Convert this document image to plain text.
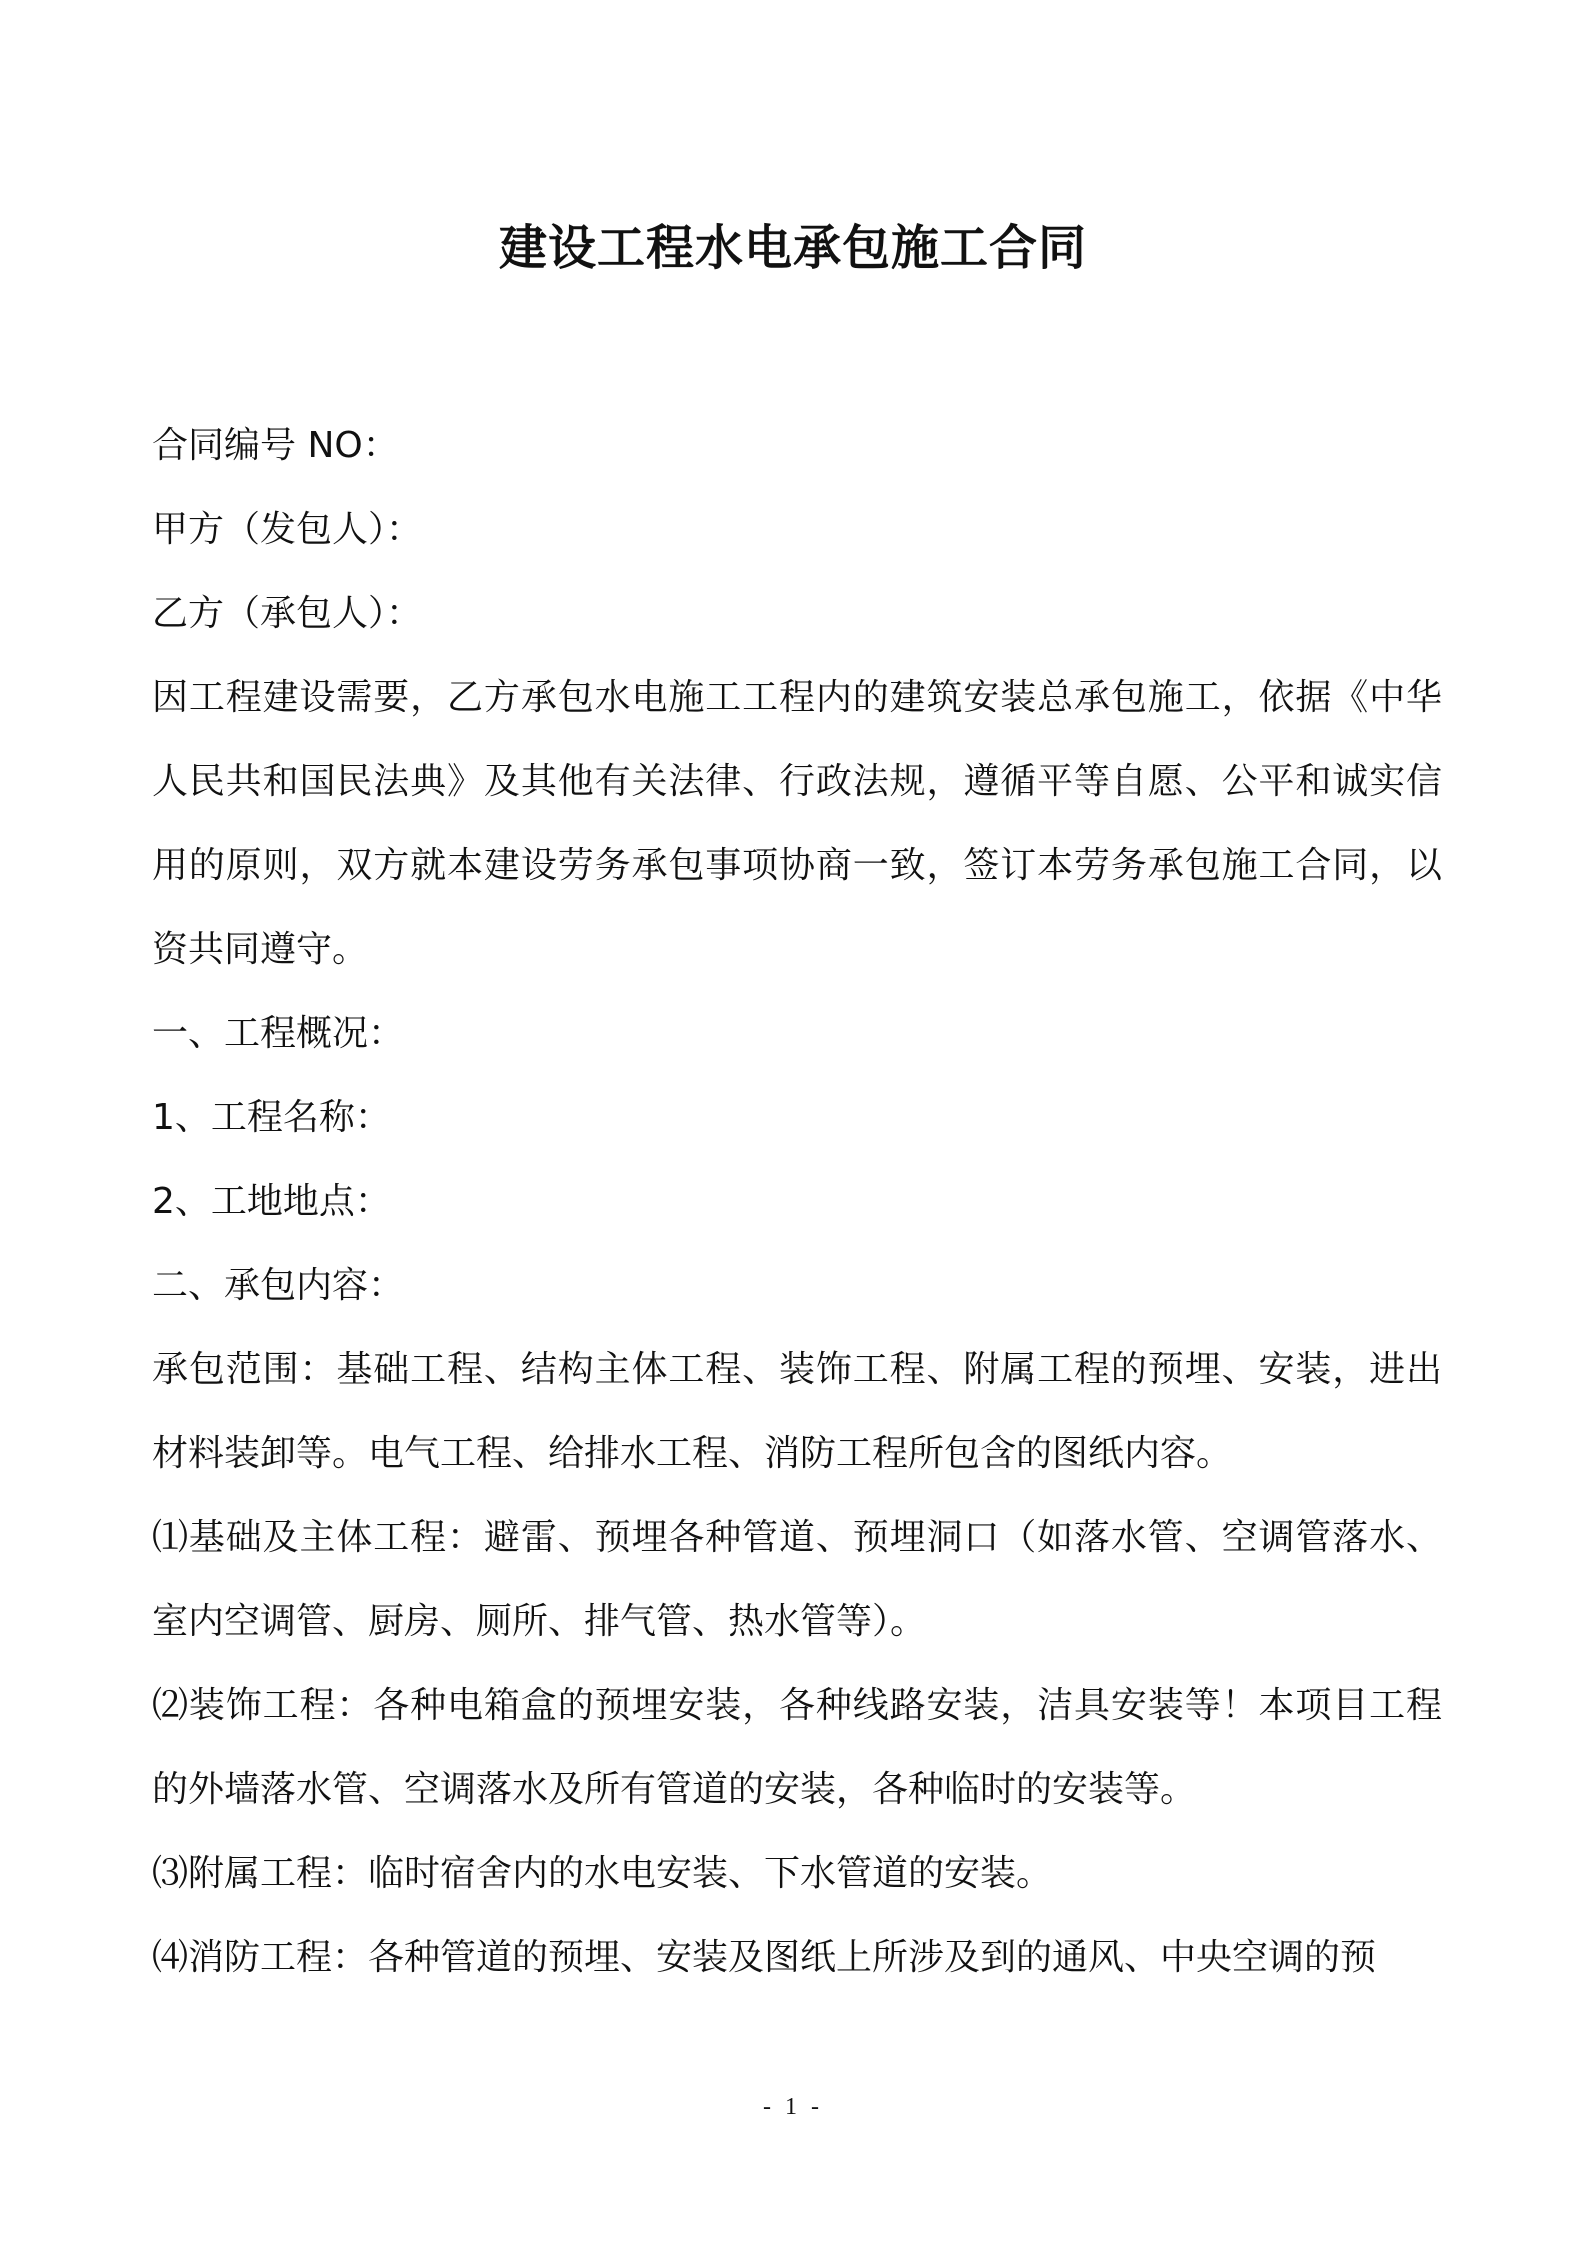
建设工程水电承包施工合同

合同编号 NO：

甲方（发包人）：

乙方（承包人）：

因工程建设需要，乙方承包水电施工工程内的建筑安装总承包施工，依据《中华人民共和国民法典》及其他有关法律、行政法规，遵循平等自愿、公平和诚实信用的原则，双方就本建设劳务承包事项协商一致，签订本劳务承包施工合同，以资共同遵守。

一、工程概况：

1、工程名称：

2、工地地点：

二、承包内容：

承包范围：基础工程、结构主体工程、装饰工程、附属工程的预埋、安装，进出材料装卸等。电气工程、给排水工程、消防工程所包含的图纸内容。

⑴基础及主体工程：避雷、预埋各种管道、预埋洞口（如落水管、空调管落水、室内空调管、厨房、厕所、排气管、热水管等）。

⑵装饰工程：各种电箱盒的预埋安装，各种线路安装，洁具安装等！本项目工程的外墙落水管、空调落水及所有管道的安装，各种临时的安装等。

⑶附属工程：临时宿舍内的水电安装、下水管道的安装。

⑷消防工程：各种管道的预埋、安装及图纸上所涉及到的通风、中央空调的预

- 1 -
